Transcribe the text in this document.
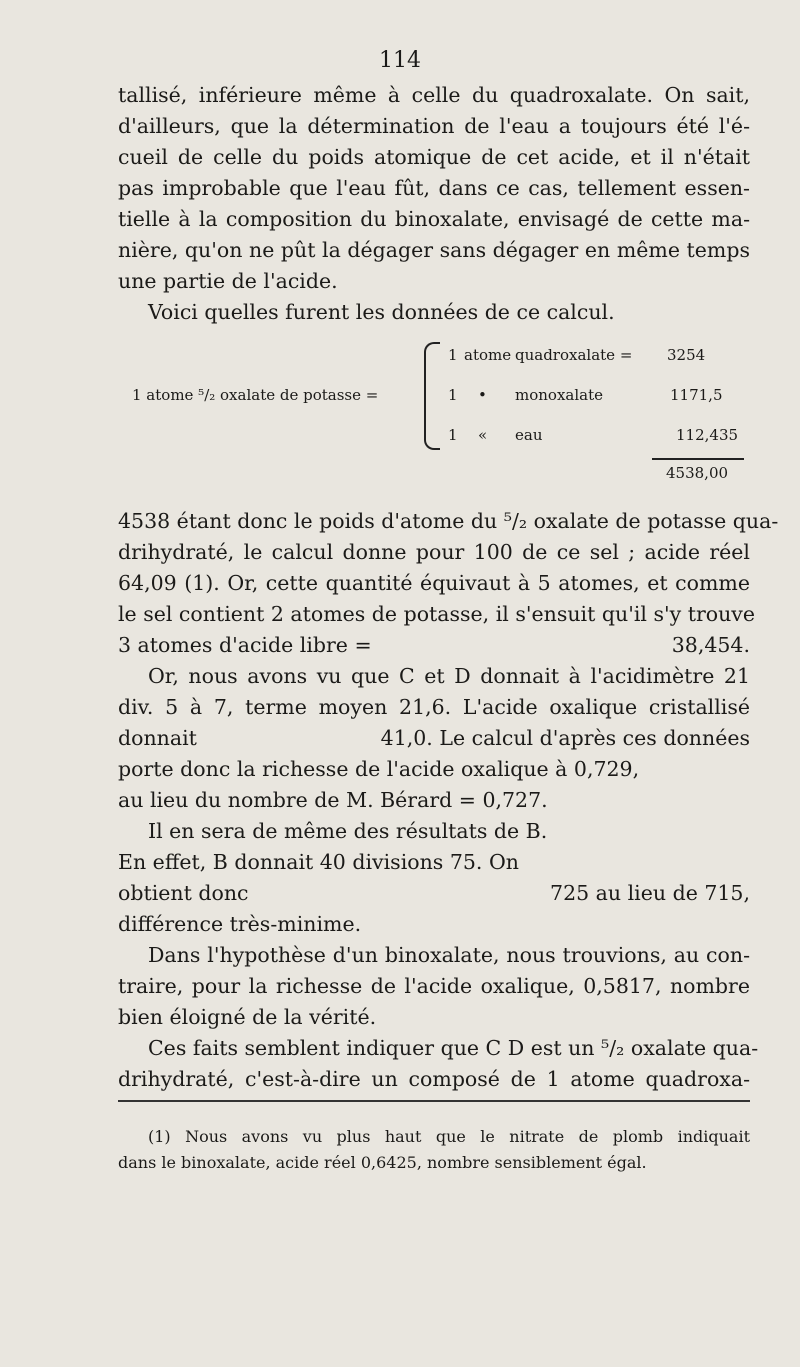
114
tallisé, inférieure même à celle du quadroxalate. On sait,
d'ailleurs, que la détermination de l'eau a toujours été l'é-
cueil de celle du poids atomique de cet acide, et il n'était
pas improbable que l'eau fût, dans ce cas, tellement essen-
tielle à la composition du binoxalate, envisagé de cette ma-
nière, qu'on ne pût la dégager sans dégager en même temps
une partie de l'acide.
Voici quelles furent les données de ce calcul.
1 atome ⁵/₂ oxalate de potasse =
1 atome quadroxalate = 3254
1 • monoxalate	1171,5
1 « eau	112,435
4538,00
4538 étant donc le poids d'atome du ⁵/₂ oxalate de potasse qua-
drihydraté, le calcul donne pour 100 de ce sel ; acide réel
64,09 (1). Or, cette quantité équivaut à 5 atomes, et comme
le sel contient 2 atomes de potasse, il s'ensuit qu'il s'y trouve
3 atomes d'acide libre =	38,454.
Or, nous avons vu que C et D donnait à l'acidimètre 21
div. 5 à 7, terme moyen 21,6. L'acide oxalique cristallisé
donnait	41,0. Le calcul d'après ces données
porte donc la richesse de l'acide oxalique à 0,729,
au lieu du nombre de M. Bérard = 0,727.
Il en sera de même des résultats de B.
En effet, B donnait 40 divisions 75. On
obtient donc	725 au lieu de 715,
différence très-minime.
Dans l'hypothèse d'un binoxalate, nous trouvions, au con-
traire, pour la richesse de l'acide oxalique, 0,5817, nombre
bien éloigné de la vérité.
Ces faits semblent indiquer que C D est un ⁵/₂ oxalate qua-
drihydraté, c'est-à-dire un composé de 1 atome quadroxa-
(1) Nous avons vu plus haut que le nitrate de plomb indiquait
dans le binoxalate, acide réel 0,6425, nombre sensiblement égal.
